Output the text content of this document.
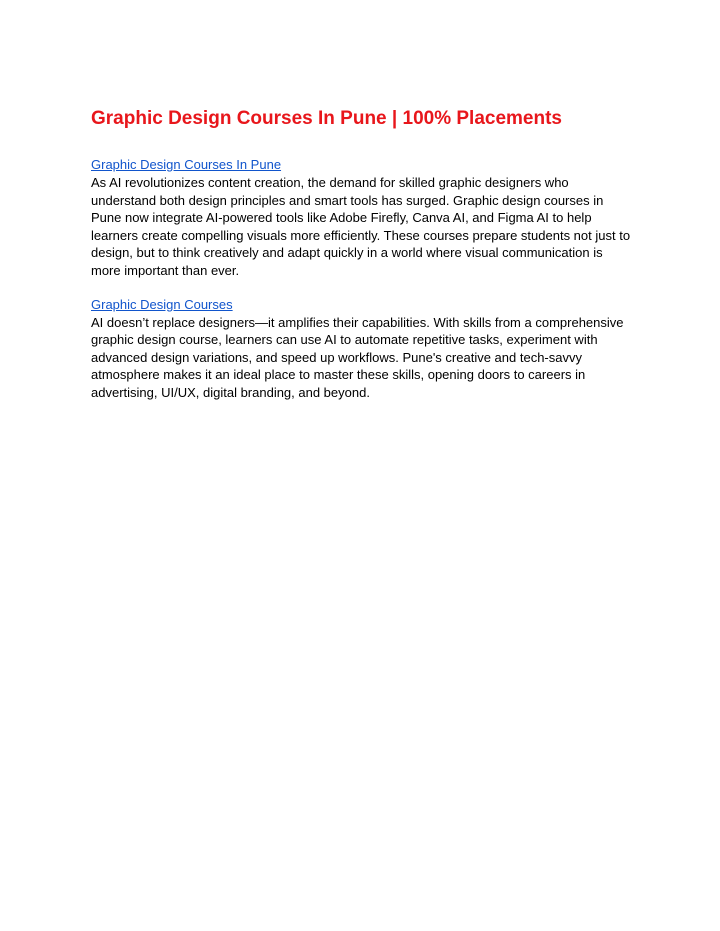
Graphic Design Courses In Pune | 100% Placements
Graphic Design Courses In Pune

As AI revolutionizes content creation, the demand for skilled graphic designers who understand both design principles and smart tools has surged. Graphic design courses in Pune now integrate AI-powered tools like Adobe Firefly, Canva AI, and Figma AI to help learners create compelling visuals more efficiently. These courses prepare students not just to design, but to think creatively and adapt quickly in a world where visual communication is more important than ever.

Graphic Design Courses

AI doesn’t replace designers—it amplifies their capabilities. With skills from a comprehensive graphic design course, learners can use AI to automate repetitive tasks, experiment with advanced design variations, and speed up workflows. Pune's creative and tech-savvy atmosphere makes it an ideal place to master these skills, opening doors to careers in advertising, UI/UX, digital branding, and beyond.
